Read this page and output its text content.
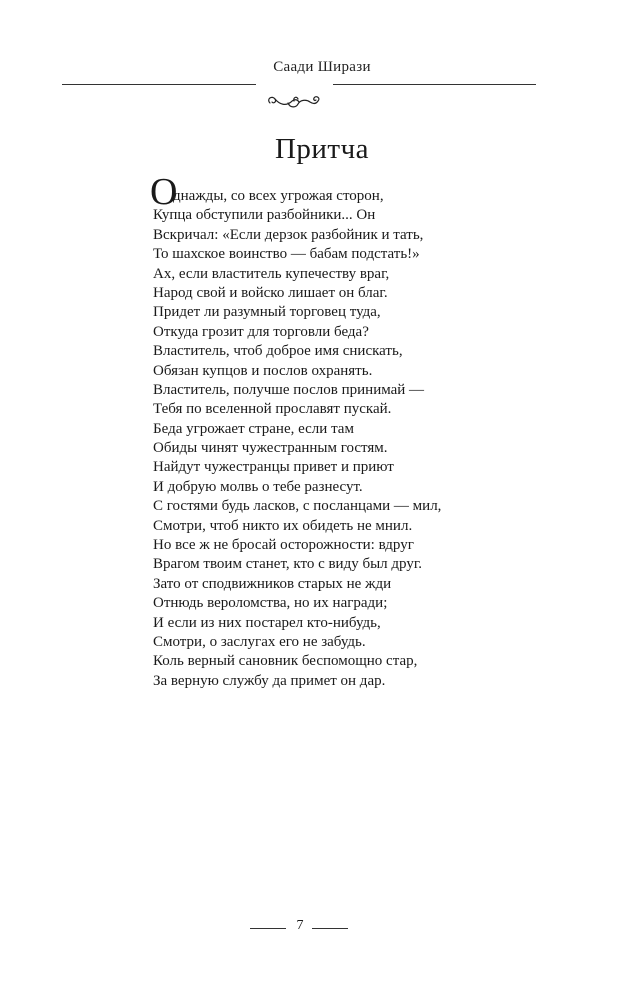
Саади Ширази
Притча
О
днажды, со всех угрожая сторон,
Купца обступили разбойники... Он
Вскричал: «Если дерзок разбойник и тать,
То шахское воинство — бабам подстать!»
Ах, если властитель купечеству враг,
Народ свой и войско лишает он благ.
Придет ли разумный торговец туда,
Откуда грозит для торговли беда?
Властитель, чтоб доброе имя снискать,
Обязан купцов и послов охранять.
Властитель, получше послов принимай —
Тебя по вселенной прославят пускай.
Беда угрожает стране, если там
Обиды чинят чужестранным гостям.
Найдут чужестранцы привет и приют
И добрую молвь о тебе разнесут.
С гостями будь ласков, с посланцами — мил,
Смотри, чтоб никто их обидеть не мнил.
Но все ж не бросай осторожности: вдруг
Врагом твоим станет, кто с виду был друг.
Зато от сподвижников старых не жди
Отнюдь вероломства, но их награди;
И если из них постарел кто-нибудь,
Смотри, о заслугах его не забудь.
Коль верный сановник беспомощно стар,
За верную службу да примет он дар.
7
